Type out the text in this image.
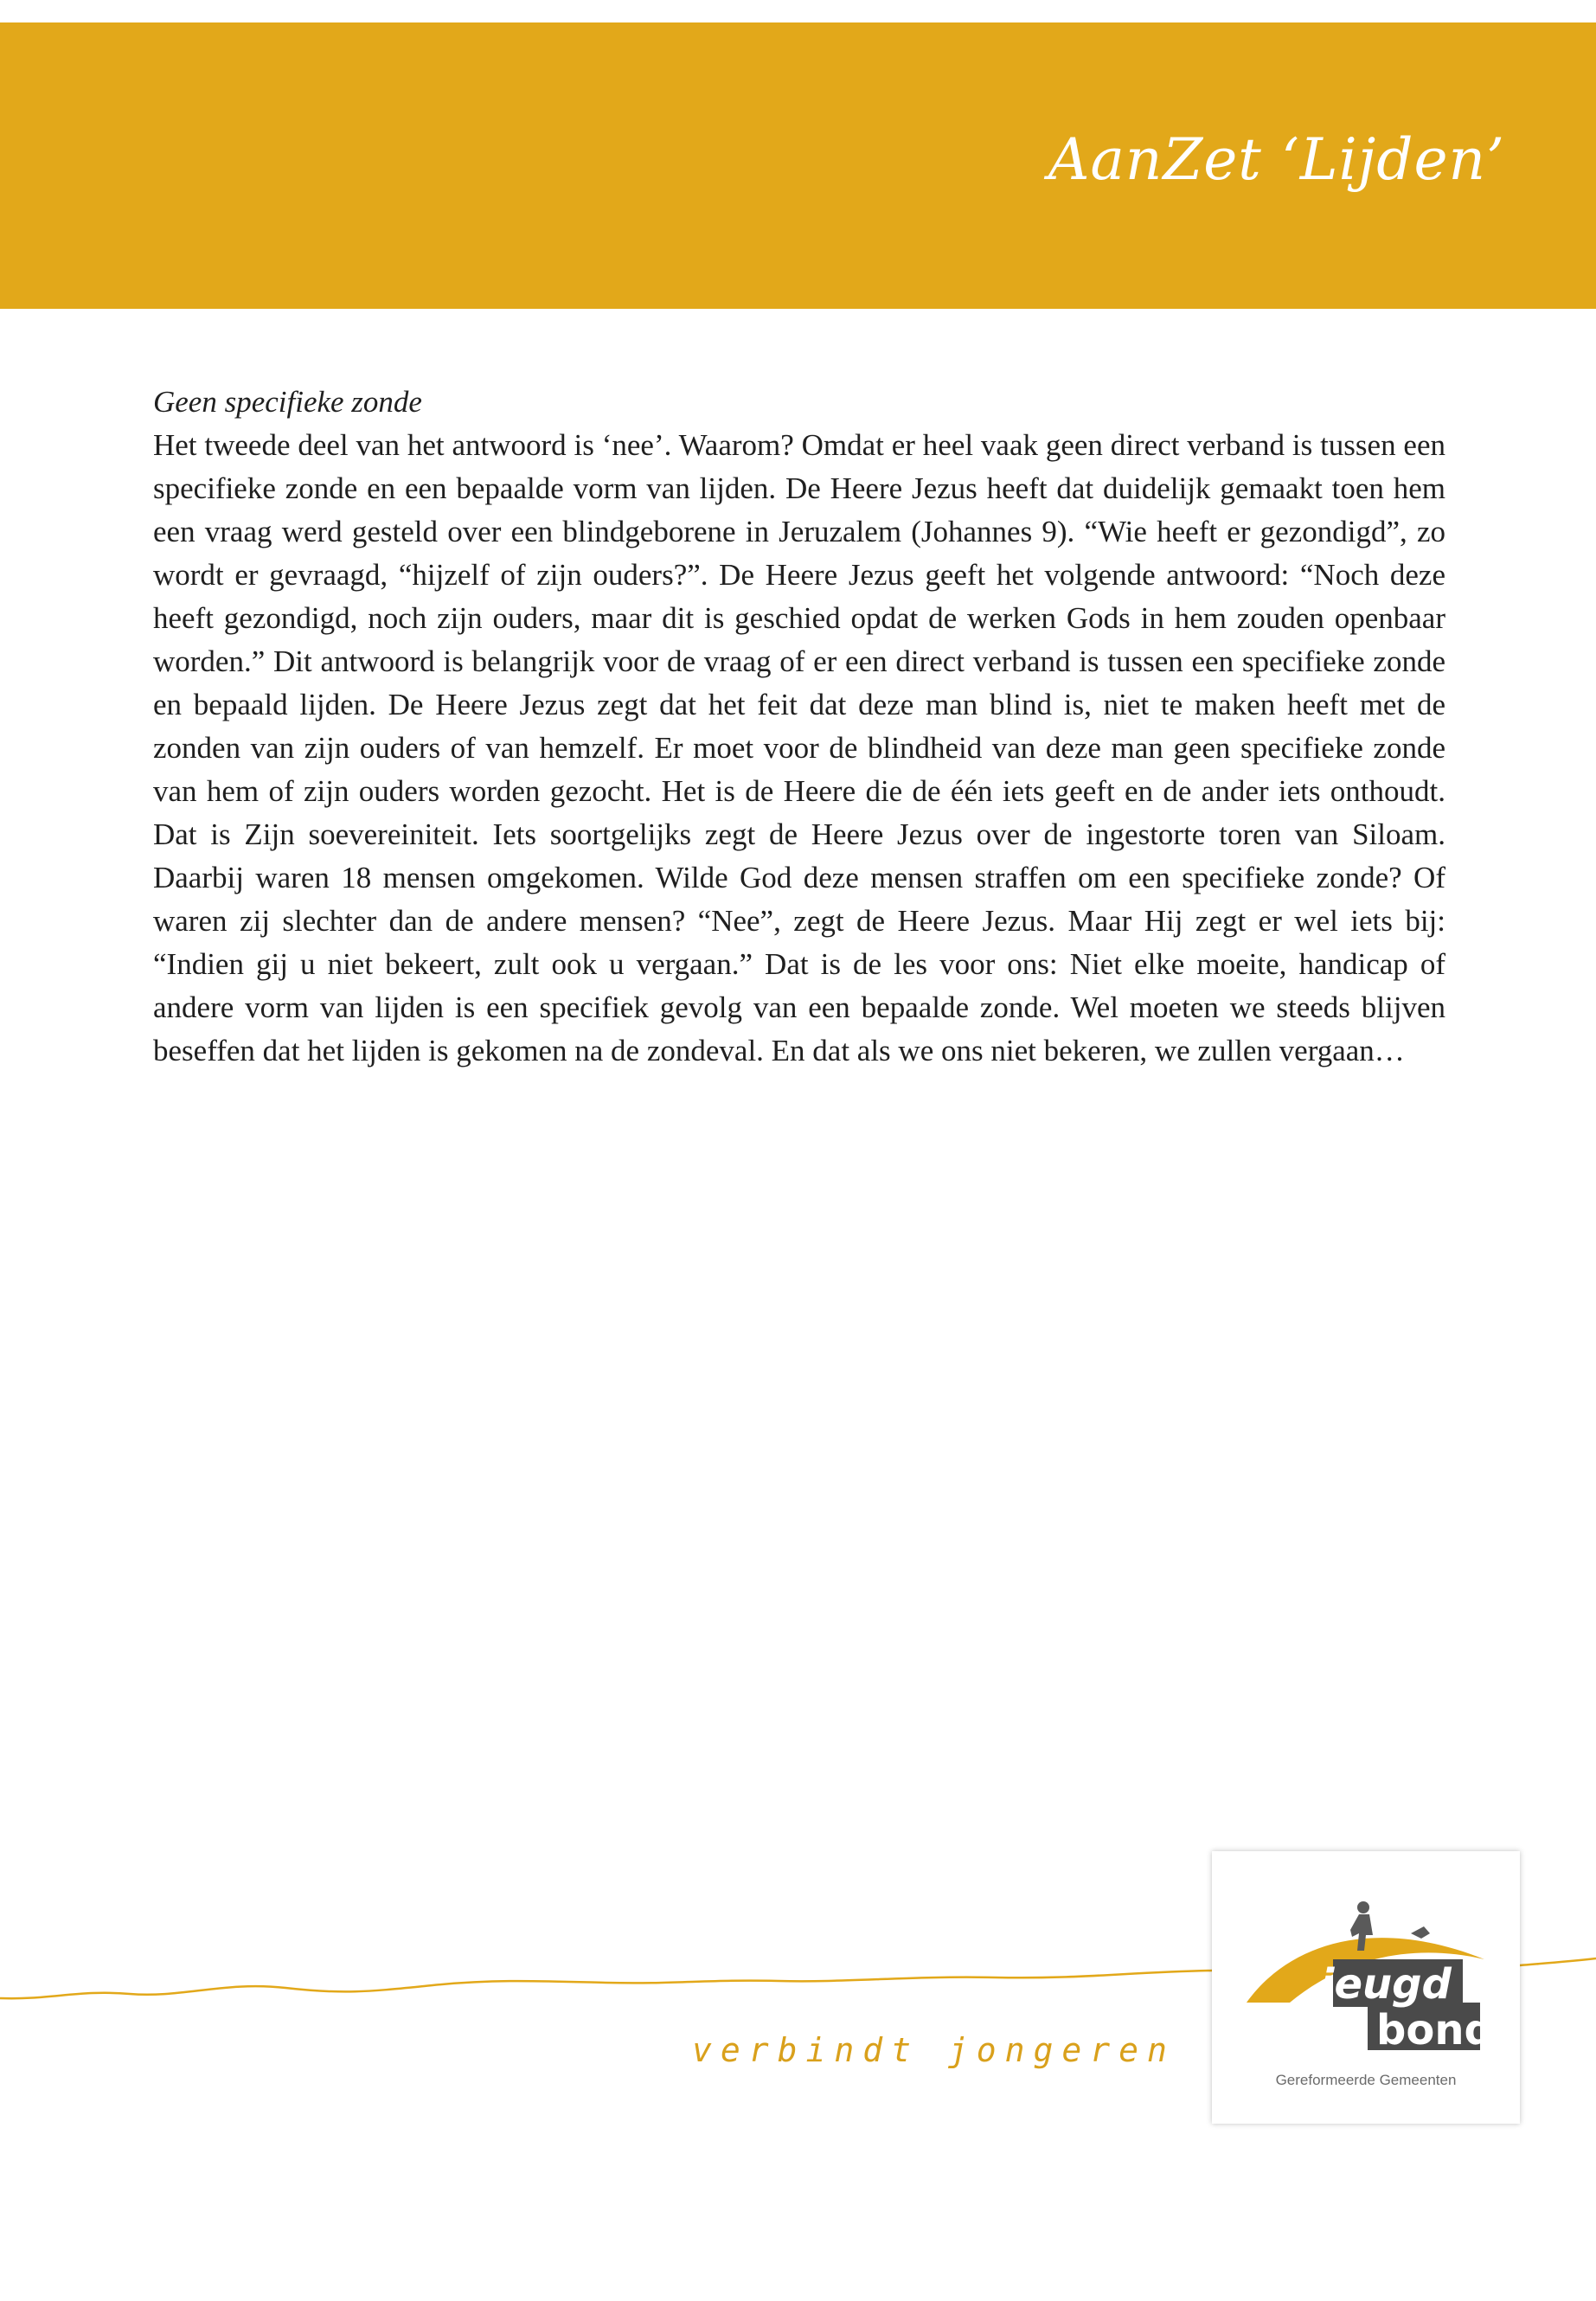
AanZet ‘Lijden’

Geen specifieke zonde

Het tweede deel van het antwoord is ‘nee’. Waarom? Omdat er heel vaak geen direct verband is tussen een specifieke zonde en een bepaalde vorm van lijden. De Heere Jezus heeft dat duidelijk gemaakt toen hem een vraag werd gesteld over een blindgeborene in Jeruzalem (Johannes 9). “Wie heeft er gezondigd”, zo wordt er gevraagd, “hijzelf of zijn ouders?”. De Heere Jezus geeft het volgende antwoord: “Noch deze heeft gezondigd, noch zijn ouders, maar dit is geschied opdat de werken Gods in hem zouden openbaar worden.” Dit antwoord is belangrijk voor de vraag of er een direct verband is tussen een specifieke zonde en bepaald lijden. De Heere Jezus zegt dat het feit dat deze man blind is, niet te maken heeft met de zonden van zijn ouders of van hemzelf. Er moet voor de blindheid van deze man geen specifieke zonde van hem of zijn ouders worden gezocht. Het is de Heere die de één iets geeft en de ander iets onthoudt. Dat is Zijn soevereiniteit. Iets soortgelijks zegt de Heere Jezus over de ingestorte toren van Siloam. Daarbij waren 18 mensen omgekomen. Wilde God deze mensen straffen om een specifieke zonde? Of waren zij slechter dan de andere mensen? “Nee”, zegt de Heere Jezus. Maar Hij zegt er wel iets bij: “Indien gij u niet bekeert, zult ook u vergaan.” Dat is de les voor ons: Niet elke moeite, handicap of andere vorm van lijden is een specifiek gevolg van een bepaalde zonde. Wel moeten we steeds blijven beseffen dat het lijden is gekomen na de zondeval. En dat als we ons niet bekeren, we zullen vergaan…

verbindt jongeren
jeugd
bond
Gereformeerde Gemeenten
